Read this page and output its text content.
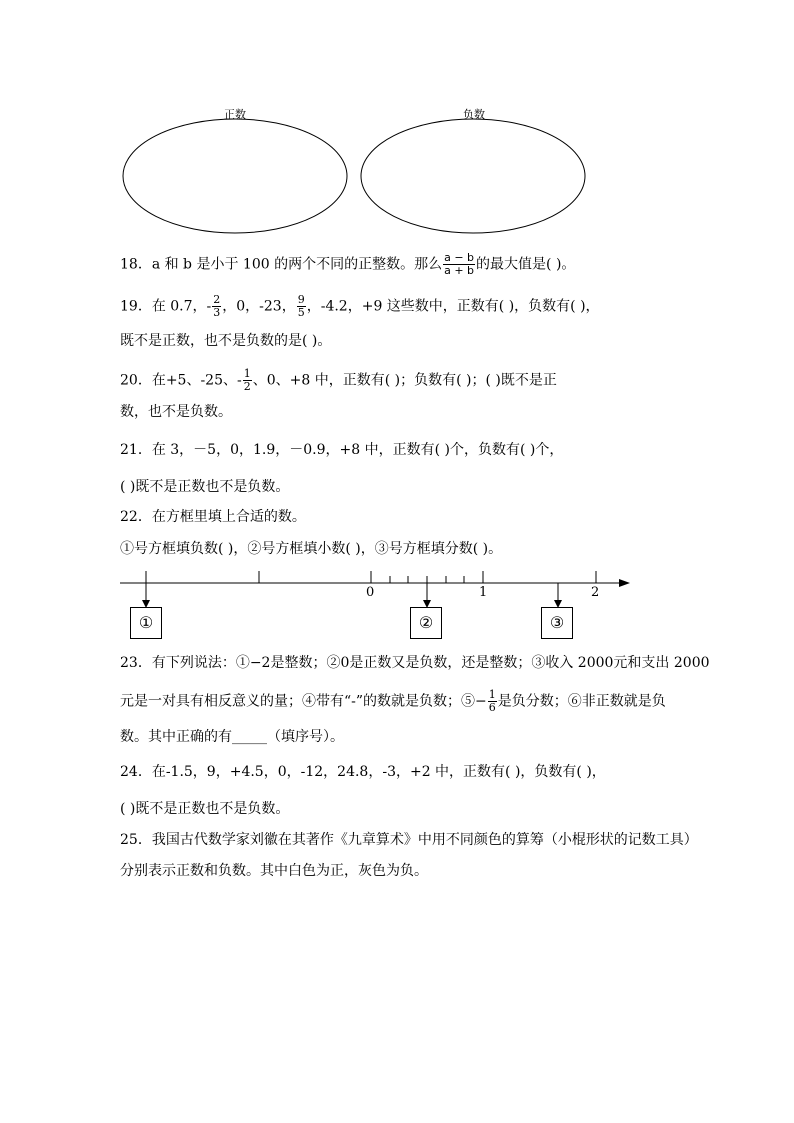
正数	负数
18．a 和 b 是小于 100 的两个不同的正整数。那么 $\frac{a - b}{a + b}$ 的最大值是( )。
19．在 0.7，- $\frac{2}{3}$ ，0，-23， $\frac{9}{5}$ ，-4.2，+9 这些数中，正数有( )，负数有( )，
既不是正数，也不是负数的是( )。
20．在+5、-25、- $\frac{1}{2}$ 、0、+8 中，正数有( )；负数有( )；( )既不是正
数，也不是负数。
21．在 3，－5，0，1.9，－0.9，+8 中，正数有( )个，负数有( )个，
( )既不是正数也不是负数。
22．在方框里填上合适的数。
①号方框填负数( )，②号方框填小数( )，③号方框填分数( )。
0	1	2
①	②	③
23．有下列说法：①−2是整数；②0是正数又是负数，还是整数；③收入 2000元和支出 2000
元是一对具有相反意义的量；④带有“-”的数就是负数；⑤− $\frac{1}{6}$ 是负分数；⑥非正数就是负
数。其中正确的有_____（填序号）。
24．在-1.5，9，+4.5，0，-12，24.8，-3，+2 中，正数有( )，负数有( )，
( )既不是正数也不是负数。
25．我国古代数学家刘徽在其著作《九章算术》中用不同颜色的算筹（小棍形状的记数工具）
分别表示正数和负数。其中白色为正，灰色为负。
